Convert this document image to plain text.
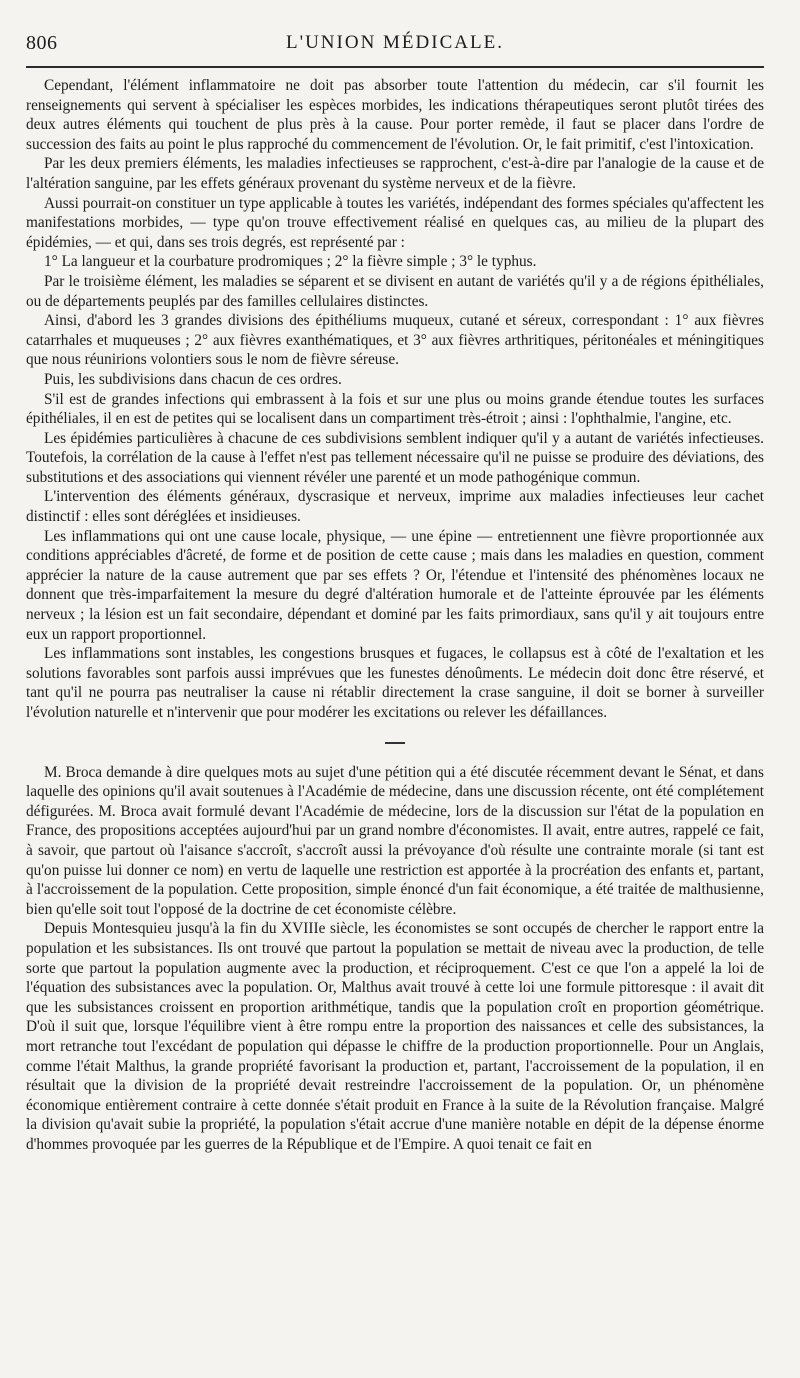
806	L'UNION MÉDICALE.

Cependant, l'élément inflammatoire ne doit pas absorber toute l'attention du médecin, car s'il fournit les renseignements qui servent à spécialiser les espèces morbides, les indications thérapeutiques seront plutôt tirées des deux autres éléments qui touchent de plus près à la cause. Pour porter remède, il faut se placer dans l'ordre de succession des faits au point le plus rapproché du commencement de l'évolution. Or, le fait primitif, c'est l'intoxication.

Par les deux premiers éléments, les maladies infectieuses se rapprochent, c'est-à-dire par l'analogie de la cause et de l'altération sanguine, par les effets généraux provenant du système nerveux et de la fièvre.

Aussi pourrait-on constituer un type applicable à toutes les variétés, indépendant des formes spéciales qu'affectent les manifestations morbides, — type qu'on trouve effectivement réalisé en quelques cas, au milieu de la plupart des épidémies, — et qui, dans ses trois degrés, est représenté par :

1° La langueur et la courbature prodromiques ; 2° la fièvre simple ; 3° le typhus.

Par le troisième élément, les maladies se séparent et se divisent en autant de variétés qu'il y a de régions épithéliales, ou de départements peuplés par des familles cellulaires distinctes.

Ainsi, d'abord les 3 grandes divisions des épithéliums muqueux, cutané et séreux, correspondant : 1° aux fièvres catarrhales et muqueuses ; 2° aux fièvres exanthématiques, et 3° aux fièvres arthritiques, péritonéales et méningitiques que nous réunirions volontiers sous le nom de fièvre séreuse.

Puis, les subdivisions dans chacun de ces ordres.

S'il est de grandes infections qui embrassent à la fois et sur une plus ou moins grande étendue toutes les surfaces épithéliales, il en est de petites qui se localisent dans un compartiment très-étroit ; ainsi : l'ophthalmie, l'angine, etc.

Les épidémies particulières à chacune de ces subdivisions semblent indiquer qu'il y a autant de variétés infectieuses. Toutefois, la corrélation de la cause à l'effet n'est pas tellement nécessaire qu'il ne puisse se produire des déviations, des substitutions et des associations qui viennent révéler une parenté et un mode pathogénique commun.

L'intervention des éléments généraux, dyscrasique et nerveux, imprime aux maladies infectieuses leur cachet distinctif : elles sont déréglées et insidieuses.

Les inflammations qui ont une cause locale, physique, — une épine — entretiennent une fièvre proportionnée aux conditions appréciables d'âcreté, de forme et de position de cette cause ; mais dans les maladies en question, comment apprécier la nature de la cause autrement que par ses effets ? Or, l'étendue et l'intensité des phénomènes locaux ne donnent que très-imparfaitement la mesure du degré d'altération humorale et de l'atteinte éprouvée par les éléments nerveux ; la lésion est un fait secondaire, dépendant et dominé par les faits primordiaux, sans qu'il y ait toujours entre eux un rapport proportionnel.

Les inflammations sont instables, les congestions brusques et fugaces, le collapsus est à côté de l'exaltation et les solutions favorables sont parfois aussi imprévues que les funestes dénoûments. Le médecin doit donc être réservé, et tant qu'il ne pourra pas neutraliser la cause ni rétablir directement la crase sanguine, il doit se borner à surveiller l'évolution naturelle et n'intervenir que pour modérer les excitations ou relever les défaillances.

M. Broca demande à dire quelques mots au sujet d'une pétition qui a été discutée récemment devant le Sénat, et dans laquelle des opinions qu'il avait soutenues à l'Académie de médecine, dans une discussion récente, ont été complétement défigurées. M. Broca avait formulé devant l'Académie de médecine, lors de la discussion sur l'état de la population en France, des propositions acceptées aujourd'hui par un grand nombre d'économistes. Il avait, entre autres, rappelé ce fait, à savoir, que partout où l'aisance s'accroît, s'accroît aussi la prévoyance d'où résulte une contrainte morale (si tant est qu'on puisse lui donner ce nom) en vertu de laquelle une restriction est apportée à la procréation des enfants et, partant, à l'accroissement de la population. Cette proposition, simple énoncé d'un fait économique, a été traitée de malthusienne, bien qu'elle soit tout l'opposé de la doctrine de cet économiste célèbre.

Depuis Montesquieu jusqu'à la fin du XVIIIe siècle, les économistes se sont occupés de chercher le rapport entre la population et les subsistances. Ils ont trouvé que partout la population se mettait de niveau avec la production, de telle sorte que partout la population augmente avec la production, et réciproquement. C'est ce que l'on a appelé la loi de l'équation des subsistances avec la population. Or, Malthus avait trouvé à cette loi une formule pittoresque : il avait dit que les subsistances croissent en proportion arithmétique, tandis que la population croît en proportion géométrique. D'où il suit que, lorsque l'équilibre vient à être rompu entre la proportion des naissances et celle des subsistances, la mort retranche tout l'excédant de population qui dépasse le chiffre de la production proportionnelle. Pour un Anglais, comme l'était Malthus, la grande propriété favorisant la production et, partant, l'accroissement de la population, il en résultait que la division de la propriété devait restreindre l'accroissement de la population. Or, un phénomène économique entièrement contraire à cette donnée s'était produit en France à la suite de la Révolution française. Malgré la division qu'avait subie la propriété, la population s'était accrue d'une manière notable en dépit de la dépense énorme d'hommes provoquée par les guerres de la République et de l'Empire. A quoi tenait ce fait en
